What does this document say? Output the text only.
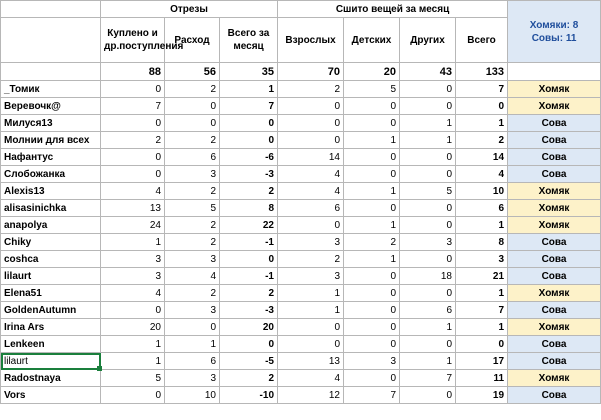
	Отрезы			Сшито вещей за месяц				Хомяки: 8
Совы: 11
	Куплено и др.поступления	Расход	Всего за месяц	Взрослых	Детских	Других	Всего	
	88	56	35	70	20	43	133	
_Томик	0	2	1	2	5	0	7	Хомяк
Веревочк@	7	0	7	0	0	0	0	Хомяк
Милуся13	0	0	0	0	0	1	1	Сова
Молнии для всех	2	2	0	0	1	1	2	Сова
Нафантус	0	6	-6	14	0	0	14	Сова
Слобожанка	0	3	-3	4	0	0	4	Сова
Alexis13	4	2	2	4	1	5	10	Хомяк
alisasinichka	13	5	8	6	0	0	6	Хомяк
anapolya	24	2	22	0	1	0	1	Хомяк
Chiky	1	2	-1	3	2	3	8	Сова
coshca	3	3	0	2	1	0	3	Сова
lilaurt	3	4	-1	3	0	18	21	Сова
Elena51	4	2	2	1	0	0	1	Хомяк
GoldenAutumn	0	3	-3	1	0	6	7	Сова
Irina Ars	20	0	20	0	0	1	1	Хомяк
Lenkeen	1	1	0	0	0	0	0	Сова
lilaurt	1	6	-5	13	3	1	17	Сова
Radostnaya	5	3	2	4	0	7	11	Хомяк
Vors	0	10	-10	12	7	0	19	Сова
